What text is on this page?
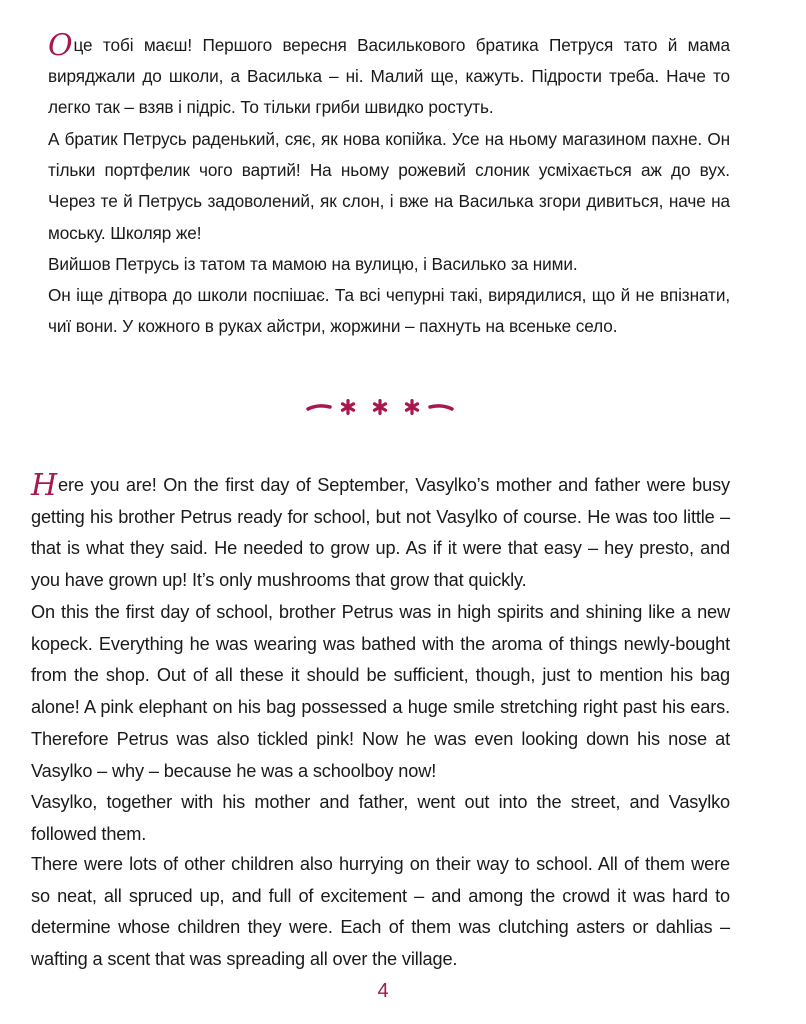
Оце тобі маєш! Першого вересня Василькового братика Петруся тато й мама виряджали до школи, а Василька – ні. Малий ще, кажуть. Підрости треба. Наче то легко так – взяв і підріс. То тільки гриби швидко ростуть.

А братик Петрусь раденький, сяє, як нова копійка. Усе на ньому магазином пахне. Он тільки портфелик чого вартий! На ньому рожевий слоник усміхається аж до вух. Через те й Петрусь задоволений, як слон, і вже на Василька згори дивиться, наче на моську. Школяр же!

Вийшов Петрусь із татом та мамою на вулицю, і Василько за ними.

Он іще дітвора до школи поспішає. Та всі чепурні такі, вирядилися, що й не впізнати, чиї вони. У кожного в руках айстри, жоржини – пахнуть на всеньке село.

Here you are! On the first day of September, Vasylko’s mother and father were busy getting his brother Petrus ready for school, but not Vasylko of course. He was too little – that is what they said. He needed to grow up. As if it were that easy – hey presto, and you have grown up! It’s only mushrooms that grow that quickly.

On this the first day of school, brother Petrus was in high spirits and shining like a new kopeck. Everything he was wearing was bathed with the aroma of things newly-bought from the shop. Out of all these it should be sufficient, though, just to mention his bag alone! A pink elephant on his bag possessed a huge smile stretching right past his ears. Therefore Petrus was also tickled pink! Now he was even looking down his nose at Vasylko – why – because he was a schoolboy now!

Vasylko, together with his mother and father, went out into the street, and Vasylko followed them.

There were lots of other children also hurrying on their way to school. All of them were so neat, all spruced up, and full of excitement – and among the crowd it was hard to determine whose children they were. Each of them was clutching asters or dahlias – wafting a scent that was spreading all over the village.

4
